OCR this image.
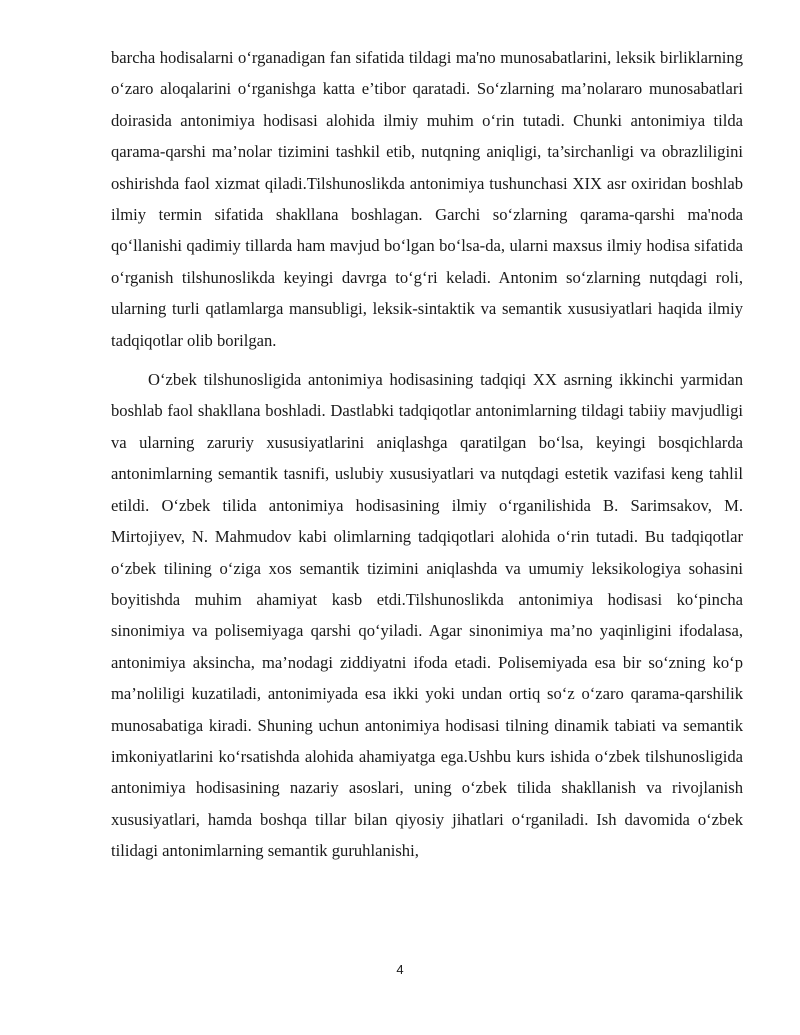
barcha hodisalarni o‘rganadigan fan sifatida tildagi ma'no munosabatlarini, leksik birliklarning o‘zaro aloqalarini o‘rganishga katta e’tibor qaratadi. So‘zlarning ma’nolararo munosabatlari doirasida antonimiya hodisasi alohida ilmiy muhim o‘rin tutadi. Chunki antonimiya tilda qarama-qarshi ma’nolar tizimini tashkil etib, nutqning aniqligi, ta’sirchanligi va obrazliligini oshirishda faol xizmat qiladi.Tilshunoslikda antonimiya tushunchasi XIX asr oxiridan boshlab ilmiy termin sifatida shakllana boshlagan. Garchi so‘zlarning qarama-qarshi ma'noda qo‘llanishi qadimiy tillarda ham mavjud bo‘lgan bo‘lsa-da, ularni maxsus ilmiy hodisa sifatida o‘rganish tilshunoslikda keyingi davrga to‘g‘ri keladi. Antonim so‘zlarning nutqdagi roli, ularning turli qatlamlarga mansubligi, leksik-sintaktik va semantik xususiyatlari haqida ilmiy tadqiqotlar olib borilgan.

O‘zbek tilshunosligida antonimiya hodisasining tadqiqi XX asrning ikkinchi yarmidan boshlab faol shakllana boshladi. Dastlabki tadqiqotlar antonimlarning tildagi tabiiy mavjudligi va ularning zaruriy xususiyatlarini aniqlashga qaratilgan bo‘lsa, keyingi bosqichlarda antonimlarning semantik tasnifi, uslubiy xususiyatlari va nutqdagi estetik vazifasi keng tahlil etildi. O‘zbek tilida antonimiya hodisasining ilmiy o‘rganilishida B. Sarimsakov, M. Mirtojiyev, N. Mahmudov kabi olimlarning tadqiqotlari alohida o‘rin tutadi. Bu tadqiqotlar o‘zbek tilining o‘ziga xos semantik tizimini aniqlashda va umumiy leksikologiya sohasini boyitishda muhim ahamiyat kasb etdi.Tilshunoslikda antonimiya hodisasi ko‘pincha sinonimiya va polisemiyaga qarshi qo‘yiladi. Agar sinonimiya ma’no yaqinligini ifodalasa, antonimiya aksincha, ma’nodagi ziddiyatni ifoda etadi. Polisemiyada esa bir so‘zning ko‘p ma’noliligi kuzatiladi, antonimiyada esa ikki yoki undan ortiq so‘z o‘zaro qarama-qarshilik munosabatiga kiradi. Shuning uchun antonimiya hodisasi tilning dinamik tabiati va semantik imkoniyatlarini ko‘rsatishda alohida ahamiyatga ega.Ushbu kurs ishida o‘zbek tilshunosligida antonimiya hodisasining nazariy asoslari, uning o‘zbek tilida shakllanish va rivojlanish xususiyatlari, hamda boshqa tillar bilan qiyosiy jihatlari o‘rganiladi. Ish davomida o‘zbek tilidagi antonimlarning semantik guruhlanishi,

4
